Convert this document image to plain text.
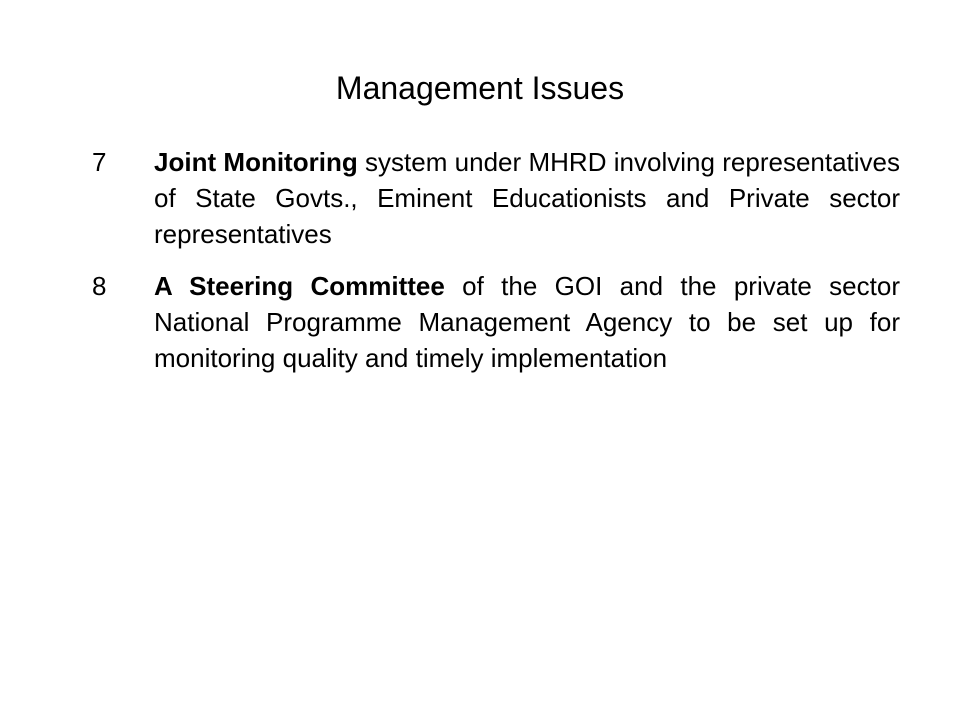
Management Issues
7	Joint Monitoring system under MHRD involving representatives of State Govts., Eminent Educationists and Private sector representatives

8	A Steering Committee of the GOI and the private sector National Programme Management Agency to be set up for monitoring quality and timely implementation
